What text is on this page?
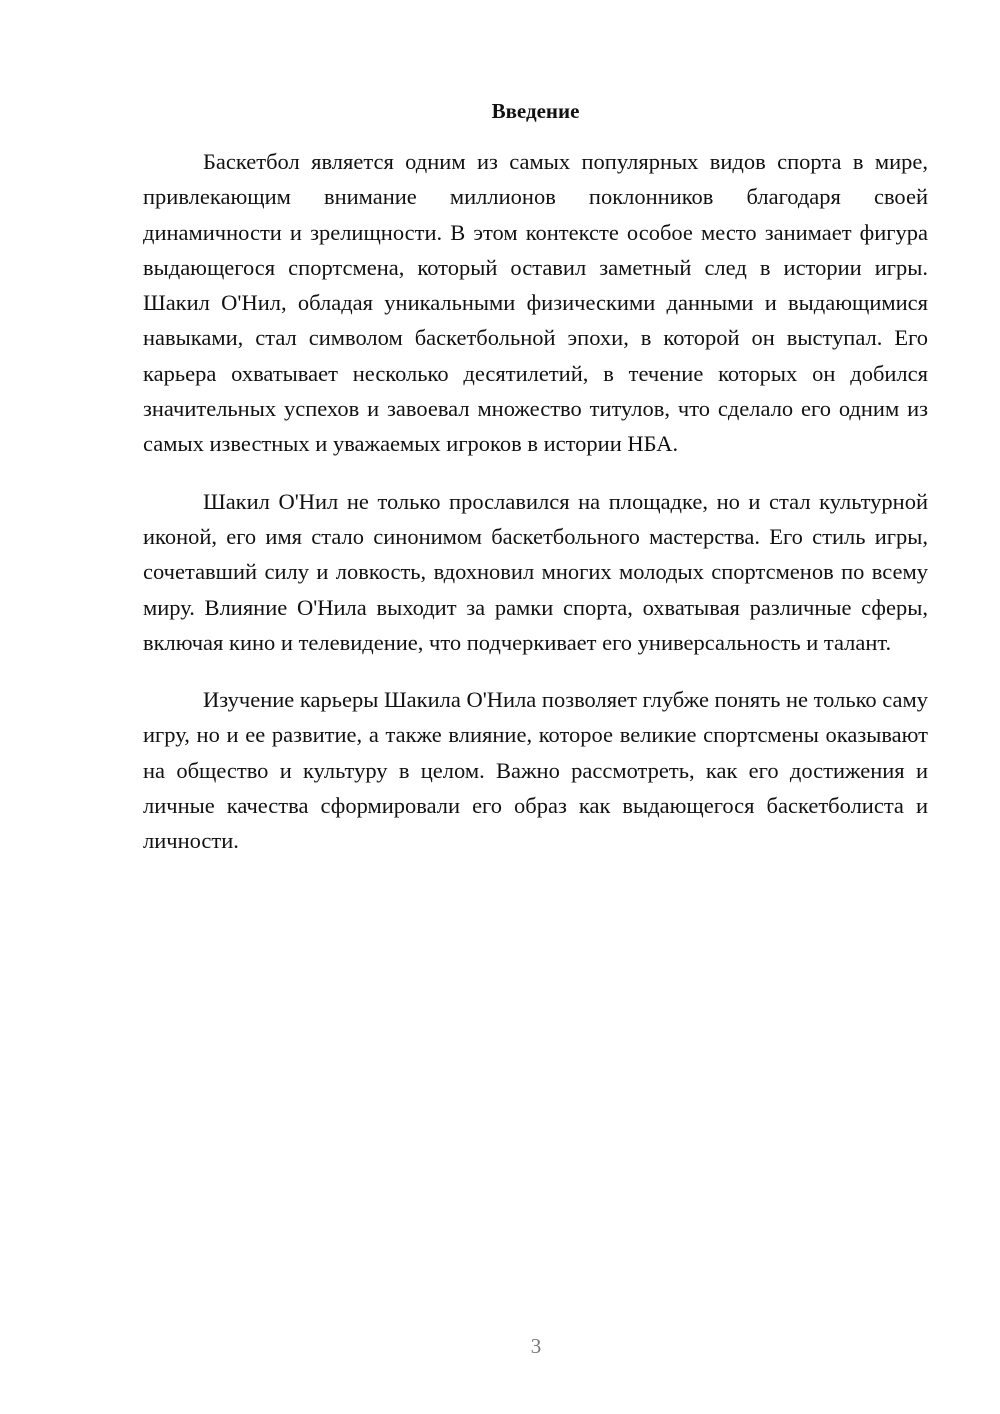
Введение

Баскетбол является одним из самых популярных видов спорта в мире, привлекающим внимание миллионов поклонников благодаря своей динамичности и зрелищности. В этом контексте особое место занимает фигура выдающегося спортсмена, который оставил заметный след в истории игры. Шакил О'Нил, обладая уникальными физическими данными и выдающимися навыками, стал символом баскетбольной эпохи, в которой он выступал. Его карьера охватывает несколько десятилетий, в течение которых он добился значительных успехов и завоевал множество титулов, что сделало его одним из самых известных и уважаемых игроков в истории НБА.

Шакил О'Нил не только прославился на площадке, но и стал культурной иконой, его имя стало синонимом баскетбольного мастерства. Его стиль игры, сочетавший силу и ловкость, вдохновил многих молодых спортсменов по всему миру. Влияние О'Нила выходит за рамки спорта, охватывая различные сферы, включая кино и телевидение, что подчеркивает его универсальность и талант.

Изучение карьеры Шакила О'Нила позволяет глубже понять не только саму игру, но и ее развитие, а также влияние, которое великие спортсмены оказывают на общество и культуру в целом. Важно рассмотреть, как его достижения и личные качества сформировали его образ как выдающегося баскетболиста и личности.

3
